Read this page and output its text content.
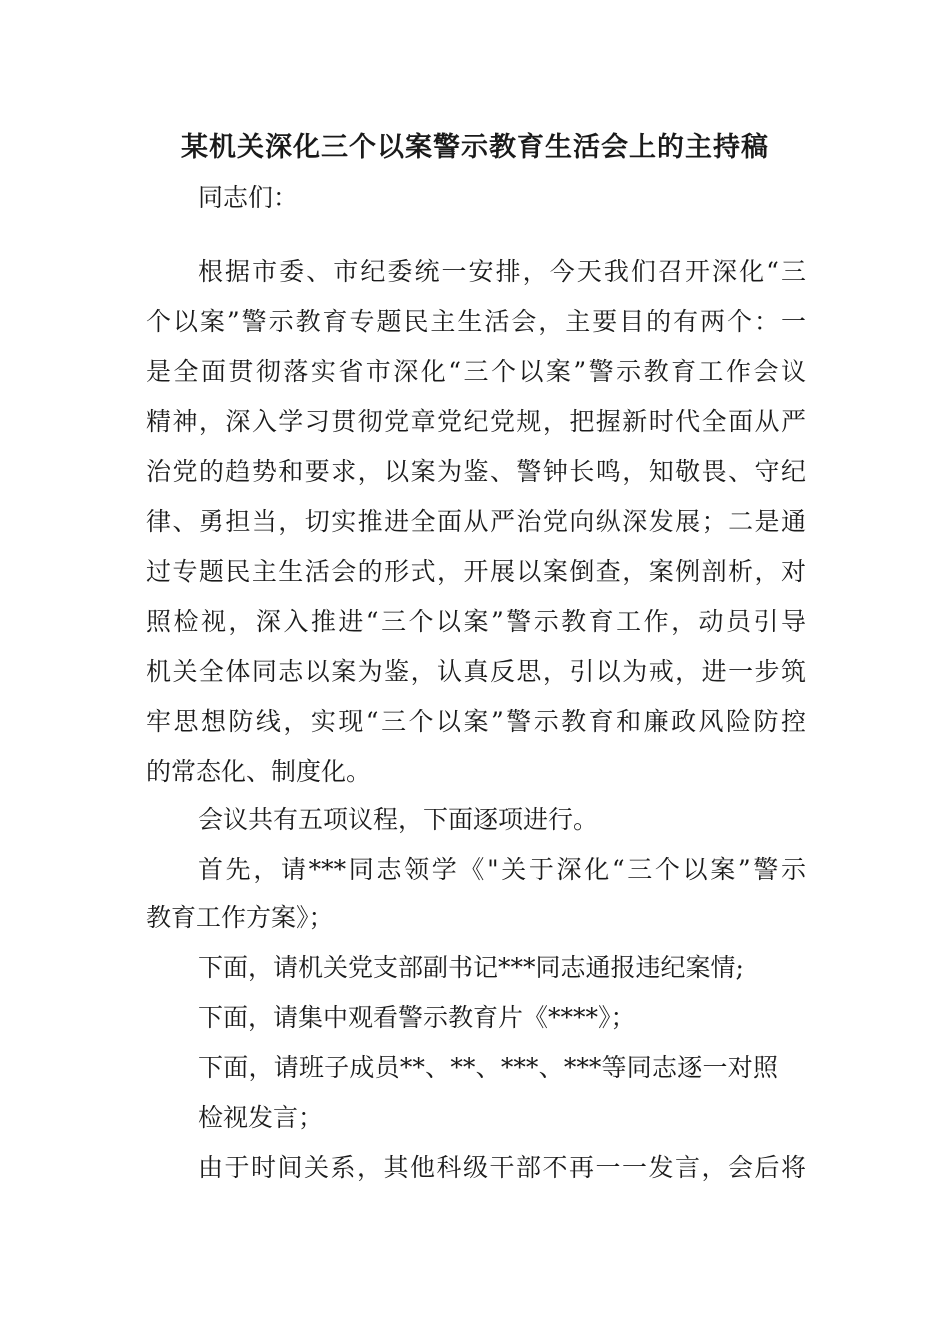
某机关深化三个以案警示教育生活会上的主持稿
同志们：
根据市委、市纪委统一安排，今天我们召开深化“三
个以案”警示教育专题民主生活会，主要目的有两个：一
是全面贯彻落实省市深化“三个以案”警示教育工作会议
精神，深入学习贯彻党章党纪党规，把握新时代全面从严
治党的趋势和要求，以案为鉴、警钟长鸣，知敬畏、守纪
律、勇担当，切实推进全面从严治党向纵深发展；二是通
过专题民主生活会的形式，开展以案倒查，案例剖析，对
照检视，深入推进“三个以案”警示教育工作，动员引导
机关全体同志以案为鉴，认真反思，引以为戒，进一步筑
牢思想防线，实现“三个以案”警示教育和廉政风险防控
的常态化、制度化。
会议共有五项议程，下面逐项进行。
首先，请***同志领学《"关于深化“三个以案”警示
教育工作方案》；
下面，请机关党支部副书记***同志通报违纪案情;
下面，请集中观看警示教育片《****》；
下面，请班子成员**、**、***、***等同志逐一对照
检视发言；
由于时间关系，其他科级干部不再一一发言，会后将
